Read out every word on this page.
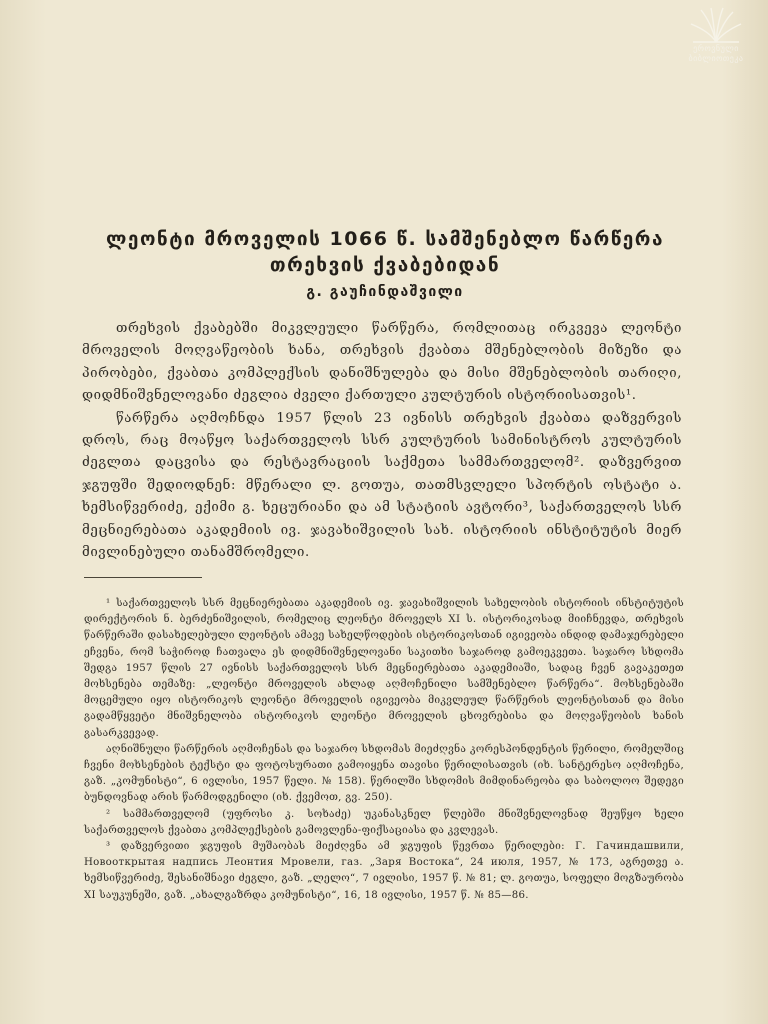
ეროვნული
ბიბლიოთეკა
ლეონტი მროველის 1066 წ. სამშენებლო წარწერა
თრეხვის ქვაბებიდან
გ. გაუჩინდაშვილი

თრეხვის ქვაბებში მიკვლეული წარწერა, რომლითაც ირკვევა ლეონტი მროველის მოღვაწეობის ხანა, თრეხვის ქვაბთა მშენებლობის მიზეზი და პირობები, ქვაბთა კომპლექსის დანიშნულება და მისი მშენებლობის თარიღი, დიდმნიშვნელოვანი ძეგლია ძველი ქართული კულტურის ისტორიისათვის¹.

წარწერა აღმოჩნდა 1957 წლის 23 ივნისს თრეხვის ქვაბთა დაზვერვის დროს, რაც მოაწყო საქართველოს სსრ კულტურის სამინისტროს კულტურის ძეგლთა დაცვისა და რესტავრაციის საქმეთა სამმართველომ². დაზვერვით ჯგუფში შედიოდნენ: მწერალი ლ. გოთუა, თათმსვლელი სპორტის ოსტატი ა. ხემსიწვერიძე, ექიმი გ. ხეცურიანი და ამ სტატიის ავტორი³, საქართველოს სსრ მეცნიერებათა აკადემიის ივ. ჯავახიშვილის სახ. ისტორიის ინსტიტუტის მიერ მივლინებული თანამშრომელი.

¹ საქართველოს სსრ მეცნიერებათა აკადემიის ივ. ჯავახიშვილის სახელობის ისტორიის ინსტიტუტის დირექტორის ნ. ბერძენიშვილის, რომელიც ლეონტი მროველს XI ს. ისტორიკოსად მიიჩნევდა, თრეხვის წარწერაში დასახელებული ლეონტის ამავე სახელწოდების ისტორიკოსთან იგივეობა ინდიდ დამაჯერებელი ეჩვენა, რომ საჭიროდ ჩათვალა ეს დიდმნიშვნელოვანი საკითხი საჯაროდ გამოეკვეთა. საჯარო სხდომა შედგა 1957 წლის 27 ივნისს საქართველოს სსრ მეცნიერებათა აკადემიაში, სადაც ჩვენ გავაკეთეთ მოხსენება თემაზე: „ლეონტი მროველის ახლად აღმოჩენილი სამშენებლო წარწერა“. მოხსენებაში მოცემული იყო ისტორიკოს ლეონტი მროველის იგივეობა მიკვლეულ წარწერის ლეონტისთან და მისი გადამწყვეტი მნიშვნელობა ისტორიკოს ლეონტი მროველის ცხოვრებისა და მოღვაწეობის ხანის გასარკვევად.

აღნიშნული წარწერის აღმოჩენას და საჯარო სხდომას მიეძღვნა კორესპონდენტის წერილი, რომელშიც ჩვენი მოხსენების ტექსტი და ფოტოსურათი გამოიყენა თავისი წერილისათვის (იხ. სანტერესო აღმოჩენა, გაზ. „კომუნისტი“, 6 ივლისი, 1957 წელი. № 158). წერილში სხდომის მიმდინარეობა და საბოლოო შედეგი ბუნდოვნად არის წარმოდგენილი (იხ. ქვემოთ, გვ. 250).

² სამმართველომ (უფროსი კ. სოხაძე) უკანასკნელ წლებში მნიშვნელოვნად შეუწყო ხელი საქართველოს ქვაბთა კომპლექსების გამოვლენა-ფიქსაციასა და კვლევას.

³ დაზვერვითი ჯგუფის მუშაობას მიეძღვნა ამ ჯგუფის წევრთა წერილები: Г. Гачиндашвили, Новооткрытая надпись Леонтия Мровели, газ. „Заря Востока“, 24 июля, 1957, № 173, აგრეთვე ა. ხემსიწვერიძე, შესანიშნავი ძეგლი, გაზ. „ლელო“, 7 ივლისი, 1957 წ. № 81; ლ. გოთუა, სოფელი მოგზაურობა XI საუკუნეში, გაზ. „ახალგაზრდა კომუნისტი“, 16, 18 ივლისი, 1957 წ. № 85—86.
